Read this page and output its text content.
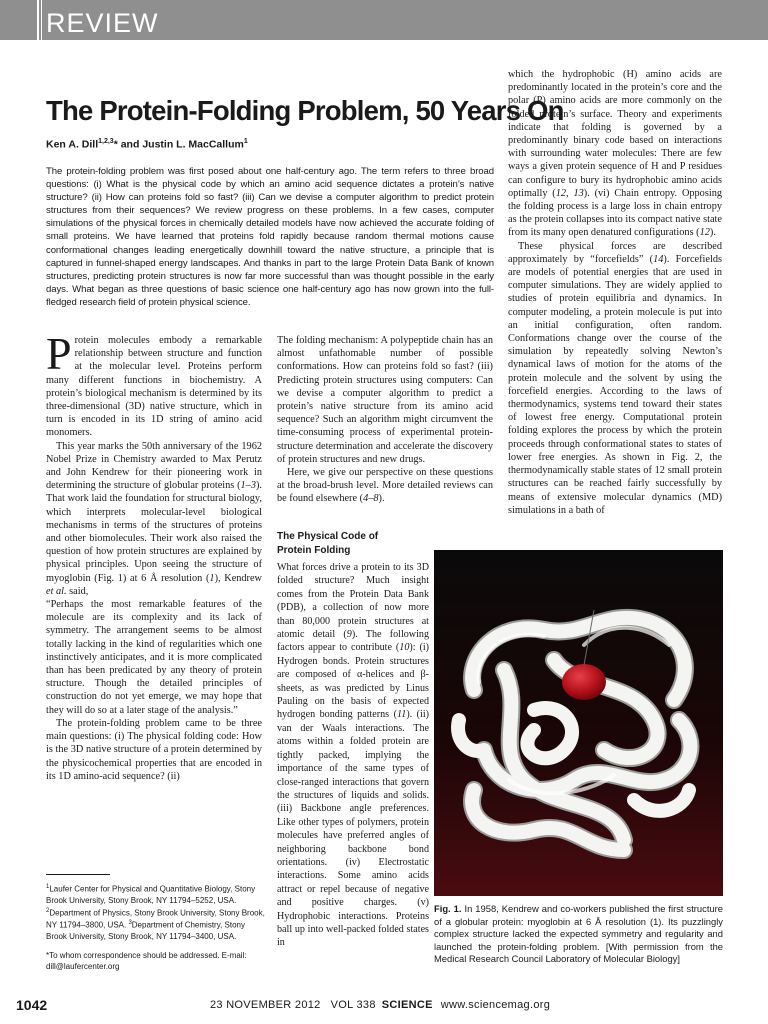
REVIEW
The Protein-Folding Problem, 50 Years On
Ken A. Dill$^{1,2,3}$* and Justin L. MacCallum$^1$

The protein-folding problem was first posed about one half-century ago. The term refers to three broad questions: (i) What is the physical code by which an amino acid sequence dictates a protein’s native structure? (ii) How can proteins fold so fast? (iii) Can we devise a computer algorithm to predict protein structures from their sequences? We review progress on these problems. In a few cases, computer simulations of the physical forces in chemically detailed models have now achieved the accurate folding of small proteins. We have learned that proteins fold rapidly because random thermal motions cause conformational changes leading energetically downhill toward the native structure, a principle that is captured in funnel-shaped energy landscapes. And thanks in part to the large Protein Data Bank of known structures, predicting protein structures is now far more successful than was thought possible in the early days. What began as three questions of basic science one half-century ago has now grown into the full-fledged research field of protein physical science.

Protein molecules embody a remarkable relationship between structure and function at the molecular level. Proteins perform many different functions in biochemistry. A protein’s biological mechanism is determined by its three-dimensional (3D) native structure, which in turn is encoded in its 1D string of amino acid monomers.

This year marks the 50th anniversary of the 1962 Nobel Prize in Chemistry awarded to Max Perutz and John Kendrew for their pioneering work in determining the structure of globular proteins (1–3). That work laid the foundation for structural biology, which interprets molecular-level biological mechanisms in terms of the structures of proteins and other biomolecules. Their work also raised the question of how protein structures are explained by physical principles. Upon seeing the structure of myoglobin (Fig. 1) at 6 Å resolution (1), Kendrew et al. said,

“Perhaps the most remarkable features of the molecule are its complexity and its lack of symmetry. The arrangement seems to be almost totally lacking in the kind of regularities which one instinctively anticipates, and it is more complicated than has been predicated by any theory of protein structure. Though the detailed principles of construction do not yet emerge, we may hope that they will do so at a later stage of the analysis.”

The protein-folding problem came to be three main questions: (i) The physical folding code: How is the 3D native structure of a protein determined by the physicochemical properties that are encoded in its 1D amino-acid sequence? (ii)

The folding mechanism: A polypeptide chain has an almost unfathomable number of possible conformations. How can proteins fold so fast? (iii) Predicting protein structures using computers: Can we devise a computer algorithm to predict a protein’s native structure from its amino acid sequence? Such an algorithm might circumvent the time-consuming process of experimental protein-structure determination and accelerate the discovery of protein structures and new drugs.

Here, we give our perspective on these questions at the broad-brush level. More detailed reviews can be found elsewhere (4–8).

The Physical Code of
Protein Folding

What forces drive a protein to its 3D folded structure? Much insight comes from the Protein Data Bank (PDB), a collection of now more than 80,000 protein structures at atomic detail (9). The following factors appear to contribute (10): (i) Hydrogen bonds. Protein structures are composed of α-helices and β-sheets, as was predicted by Linus Pauling on the basis of expected hydrogen bonding patterns (11). (ii) van der Waals interactions. The atoms within a folded protein are tightly packed, implying the importance of the same types of close-ranged interactions that govern the structures of liquids and solids. (iii) Backbone angle preferences. Like other types of polymers, protein molecules have preferred angles of neighboring backbone bond orientations. (iv) Electrostatic interactions. Some amino acids attract or repel because of negative and positive charges. (v) Hydrophobic interactions. Proteins ball up into well-packed folded states in

which the hydrophobic (H) amino acids are predominantly located in the protein’s core and the polar (P) amino acids are more commonly on the folded protein’s surface. Theory and experiments indicate that folding is governed by a predominantly binary code based on interactions with surrounding water molecules: There are few ways a given protein sequence of H and P residues can configure to bury its hydrophobic amino acids optimally (12, 13). (vi) Chain entropy. Opposing the folding process is a large loss in chain entropy as the protein collapses into its compact native state from its many open denatured configurations (12).

These physical forces are described approximately by “forcefields” (14). Forcefields are models of potential energies that are used in computer simulations. They are widely applied to studies of protein equilibria and dynamics. In computer modeling, a protein molecule is put into an initial configuration, often random. Conformations change over the course of the simulation by repeatedly solving Newton’s dynamical laws of motion for the atoms of the protein molecule and the solvent by using the forcefield energies. According to the laws of thermodynamics, systems tend toward their states of lowest free energy. Computational protein folding explores the process by which the protein proceeds through conformational states to states of lower free energies. As shown in Fig. 2, the thermodynamically stable states of 12 small protein structures can be reached fairly successfully by means of extensive molecular dynamics (MD) simulations in a bath of

Fig. 1. In 1958, Kendrew and co-workers published the first structure of a globular protein: myoglobin at 6 Å resolution (1). Its puzzlingly complex structure lacked the expected symmetry and regularity and launched the protein-folding problem. [With permission from the Medical Research Council Laboratory of Molecular Biology]

$^1$Laufer Center for Physical and Quantitative Biology, Stony Brook University, Stony Brook, NY 11794–5252, USA. $^2$Department of Physics, Stony Brook University, Stony Brook, NY 11794–3800, USA. $^3$Department of Chemistry, Stony Brook University, Stony Brook, NY 11794–3400, USA.

*To whom correspondence should be addressed. E-mail: dill@laufercenter.org

1042	23 NOVEMBER 2012 VOL 338 SCIENCE www.sciencemag.org
